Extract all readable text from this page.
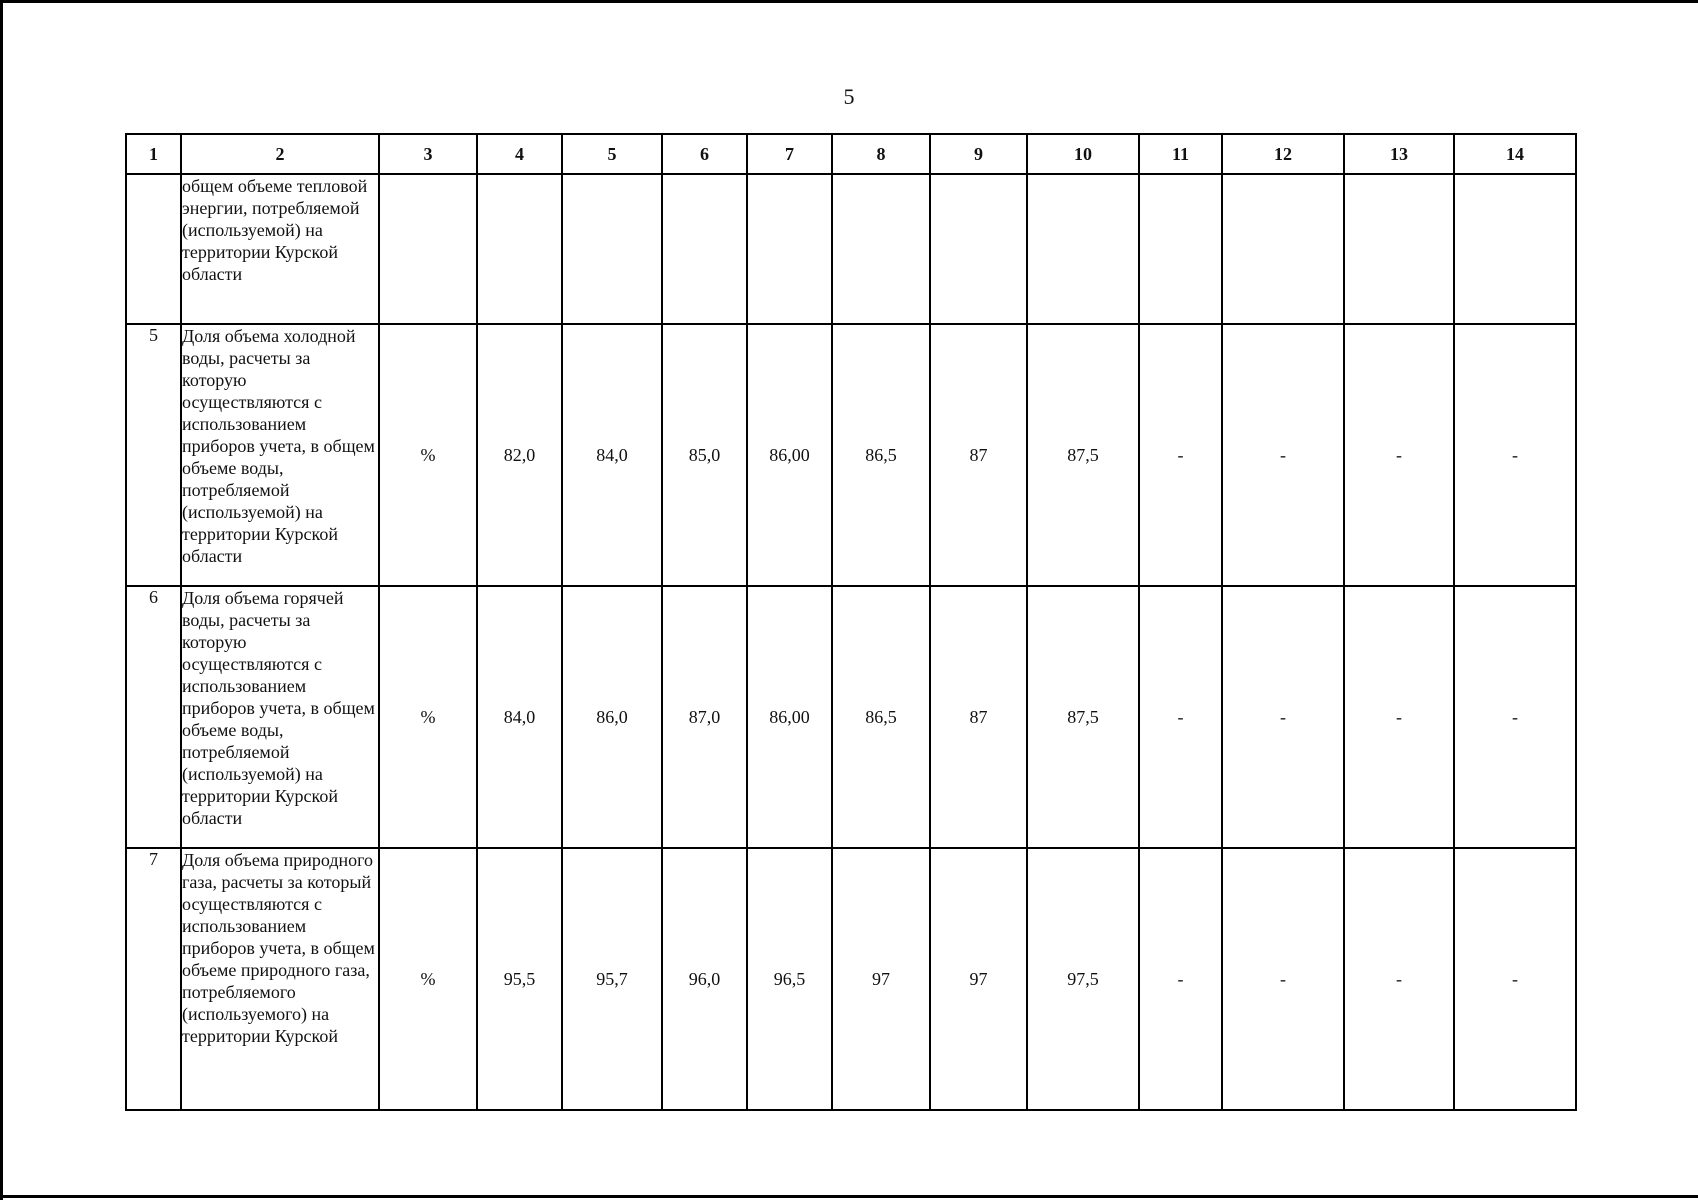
5
1	2	3	4	5	6	7	8	9	10	11	12	13	14
	общем объеме тепловой энергии, потребляемой (используемой) на территории Курской области												
5	Доля объема холодной воды, расчеты за которую осуществляются с использованием приборов учета, в общем объеме воды, потребляемой (используемой) на территории Курской области	%	82,0	84,0	85,0	86,00	86,5	87	87,5	-	-	-	-
6	Доля объема горячей воды, расчеты за которую осуществляются с использованием приборов учета, в общем объеме воды, потребляемой (используемой) на территории Курской области	%	84,0	86,0	87,0	86,00	86,5	87	87,5	-	-	-	-
7	Доля объема природного газа, расчеты за который осуществляются с использованием приборов учета, в общем объеме природного газа, потребляемого (используемого) на территории Курской	%	95,5	95,7	96,0	96,5	97	97	97,5	-	-	-	-
